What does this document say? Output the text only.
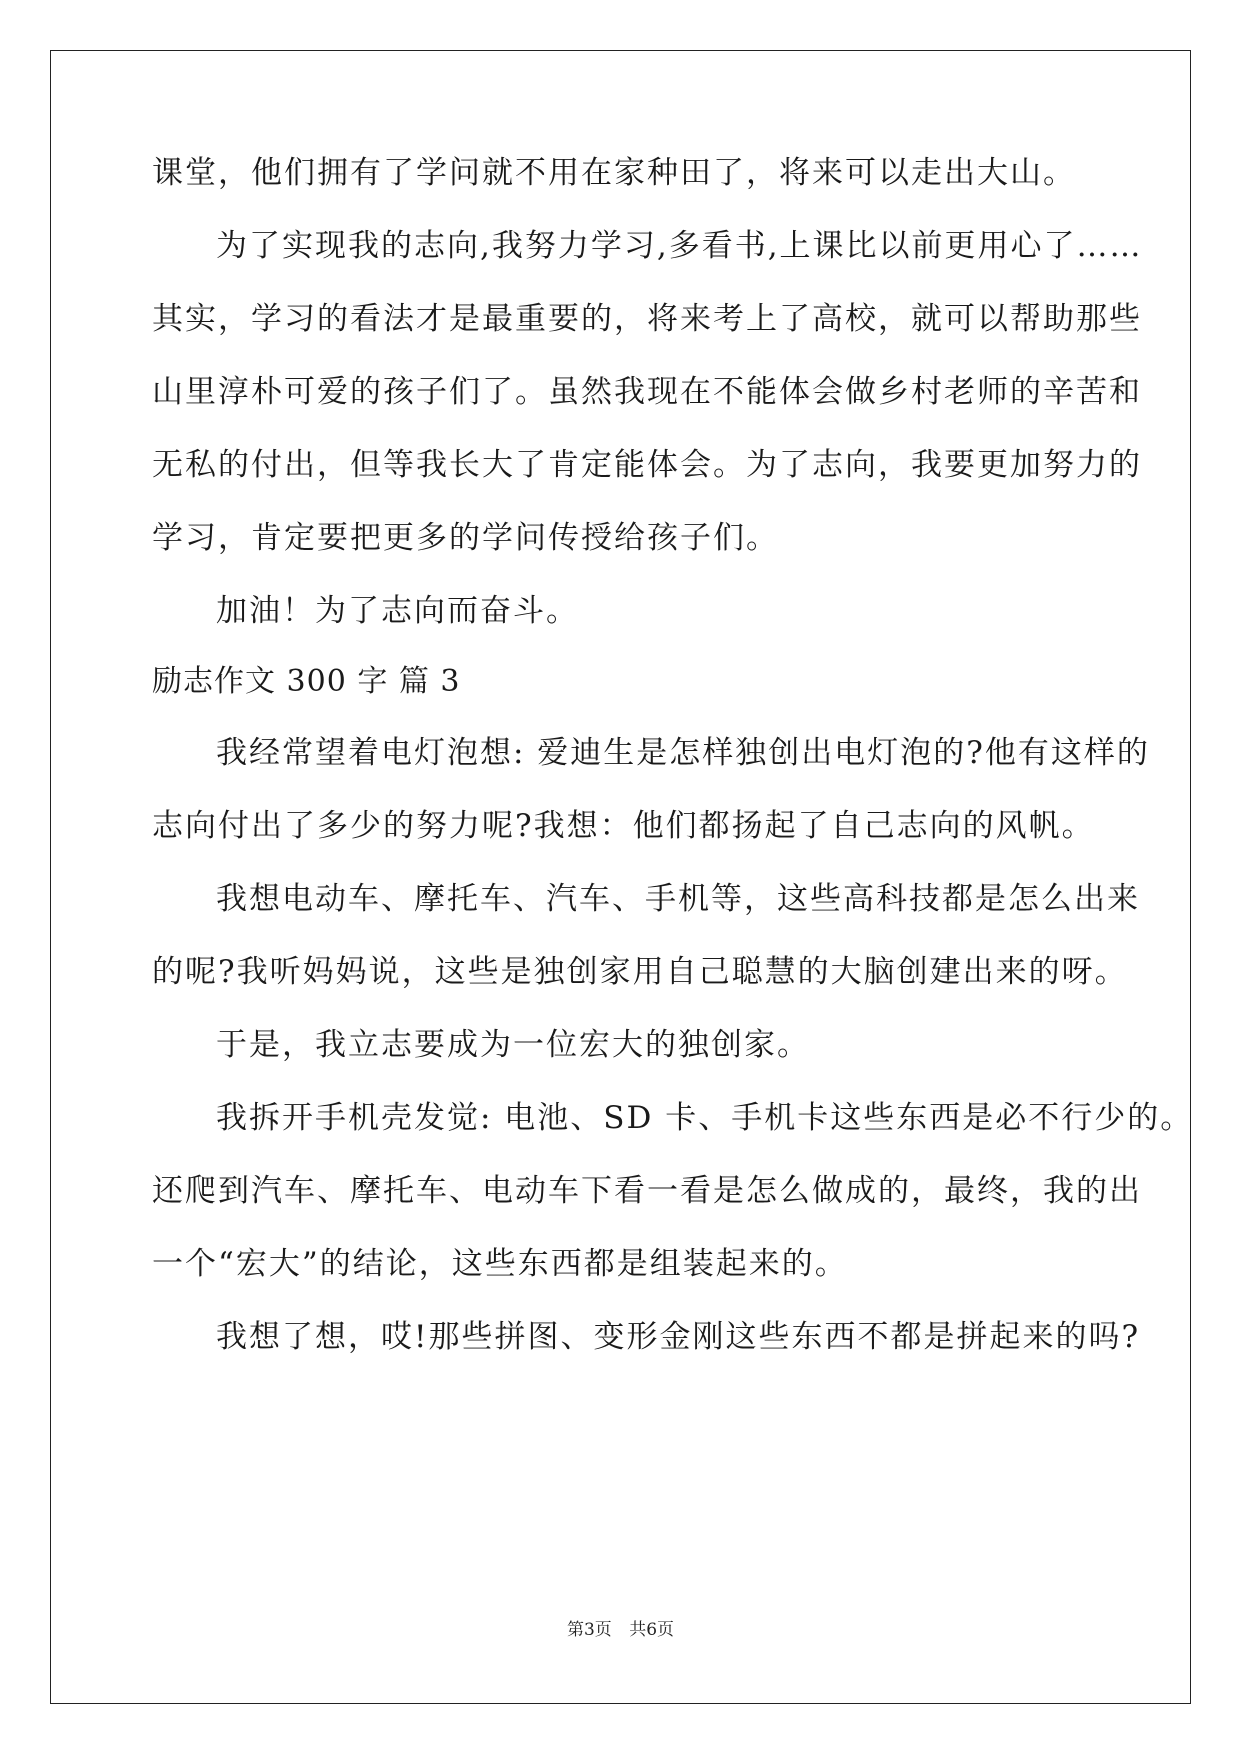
课堂，他们拥有了学问就不用在家种田了，将来可以走出大山。
为了实现我的志向,我努力学习,多看书,上课比以前更用心了……
其实，学习的看法才是最重要的，将来考上了高校，就可以帮助那些
山里淳朴可爱的孩子们了。虽然我现在不能体会做乡村老师的辛苦和
无私的付出，但等我长大了肯定能体会。为了志向，我要更加努力的
学习，肯定要把更多的学问传授给孩子们。
加油！为了志向而奋斗。
励志作文 300 字 篇 3
我经常望着电灯泡想: 爱迪生是怎样独创出电灯泡的?他有这样的
志向付出了多少的努力呢?我想：他们都扬起了自己志向的风帆。
我想电动车、摩托车、汽车、手机等，这些高科技都是怎么出来
的呢?我听妈妈说，这些是独创家用自己聪慧的大脑创建出来的呀。
于是，我立志要成为一位宏大的独创家。
我拆开手机壳发觉: 电池、SD 卡、手机卡这些东西是必不行少的。
还爬到汽车、摩托车、电动车下看一看是怎么做成的，最终，我的出
一个“宏大”的结论，这些东西都是组装起来的。
我想了想，哎!那些拼图、变形金刚这些东西不都是拼起来的吗?
第3页 共6页
